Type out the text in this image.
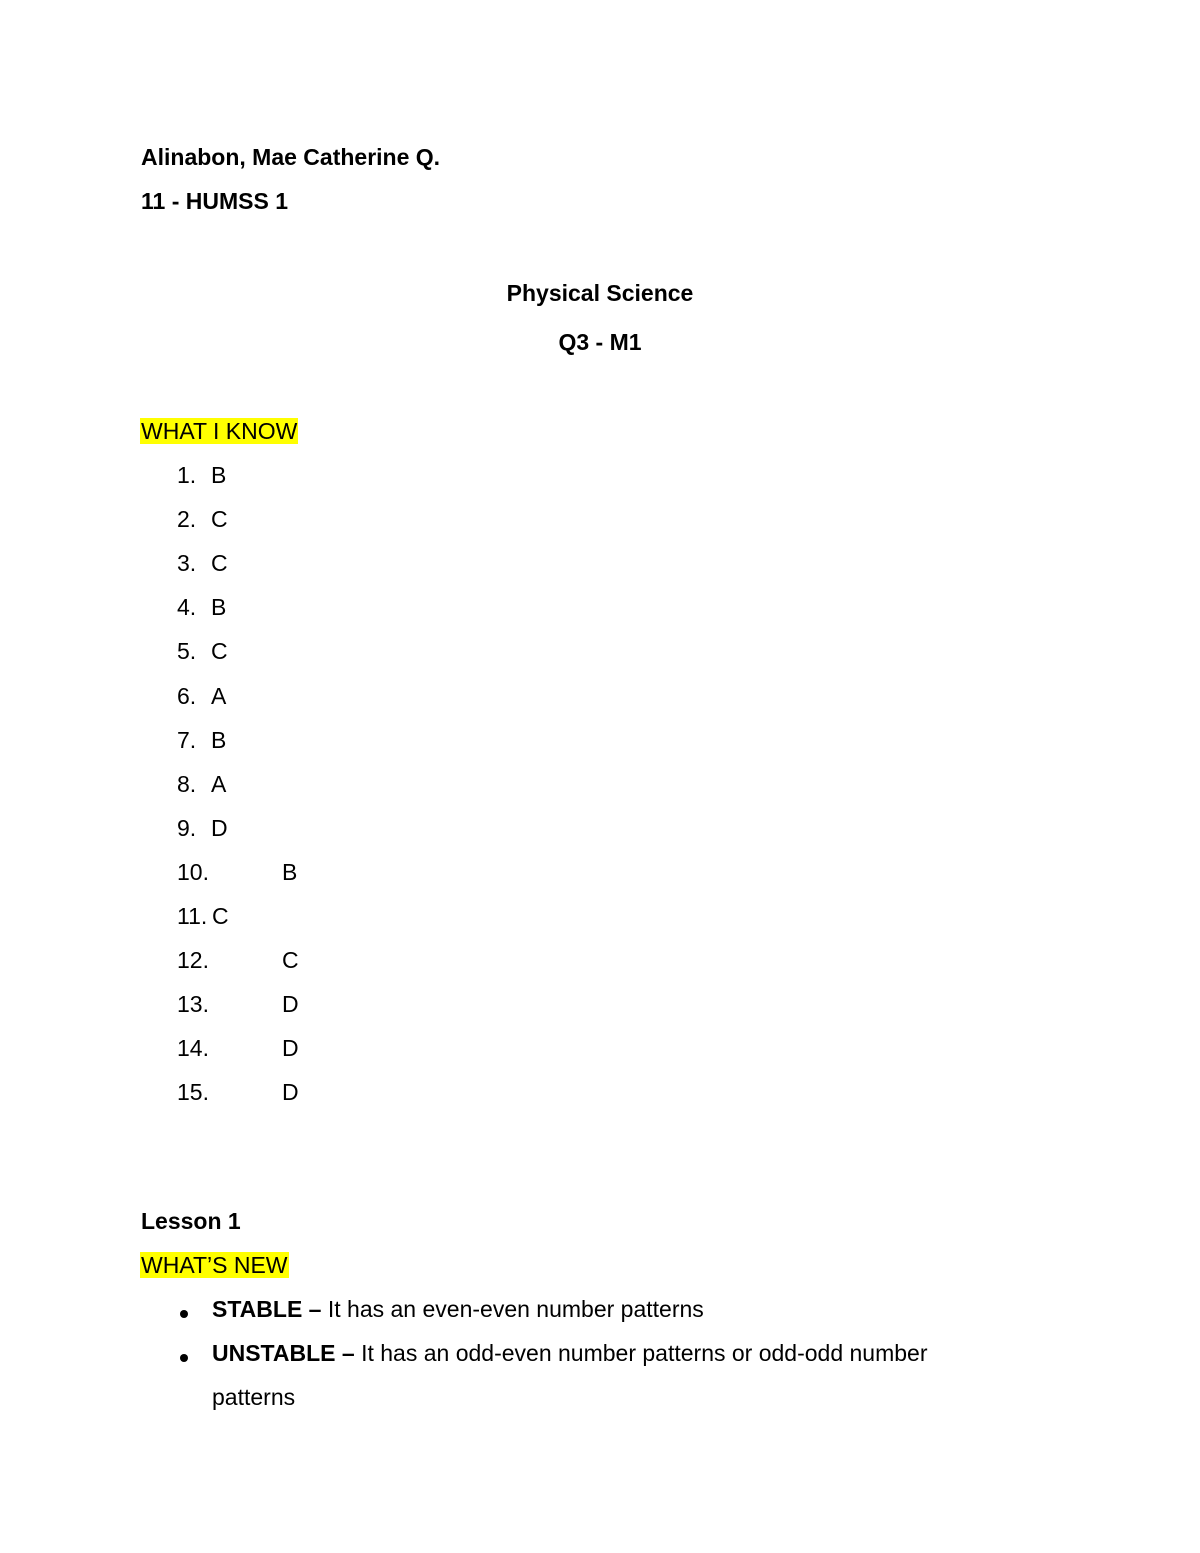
Alinabon, Mae Catherine Q.
11 - HUMSS 1
Physical Science
Q3 - M1
WHAT I KNOW
1. B
2. C
3. C
4. B
5. C
6. A
7. B
8. A
9. D
10.	B
11. C
12.	C
13.	D
14.	D
15.	D
Lesson 1
WHAT’S NEW
STABLE – It has an even-even number patterns
UNSTABLE – It has an odd-even number patterns or odd-odd number
patterns
